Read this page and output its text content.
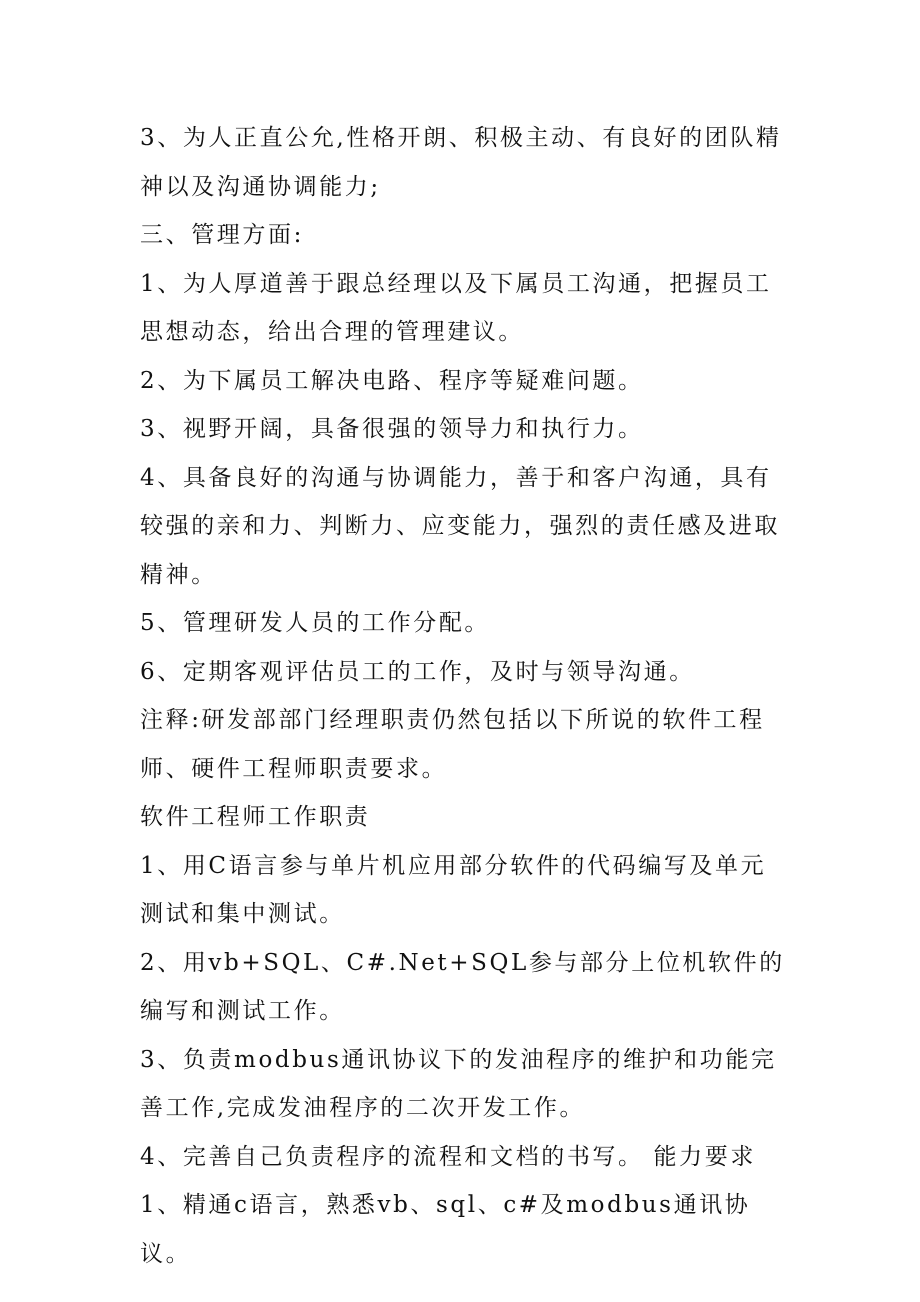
3、为人正直公允,性格开朗、积极主动、有良好的团队精神以及沟通协调能力;

三、管理方面:

1、为人厚道善于跟总经理以及下属员工沟通，把握员工思想动态，给出合理的管理建议。

2、为下属员工解决电路、程序等疑难问题。

3、视野开阔，具备很强的领导力和执行力。

4、具备良好的沟通与协调能力，善于和客户沟通，具有较强的亲和力、判断力、应变能力，强烈的责任感及进取精神。

5、管理研发人员的工作分配。

6、定期客观评估员工的工作，及时与领导沟通。

注释:研发部部门经理职责仍然包括以下所说的软件工程师、硬件工程师职责要求。

软件工程师工作职责

1、用C语言参与单片机应用部分软件的代码编写及单元测试和集中测试。

2、用vb+SQL、C#.Net+SQL参与部分上位机软件的编写和测试工作。

3、负责modbus通讯协议下的发油程序的维护和功能完善工作,完成发油程序的二次开发工作。

4、完善自己负责程序的流程和文档的书写。 能力要求

1、精通c语言，熟悉vb、sql、c#及modbus通讯协议。
